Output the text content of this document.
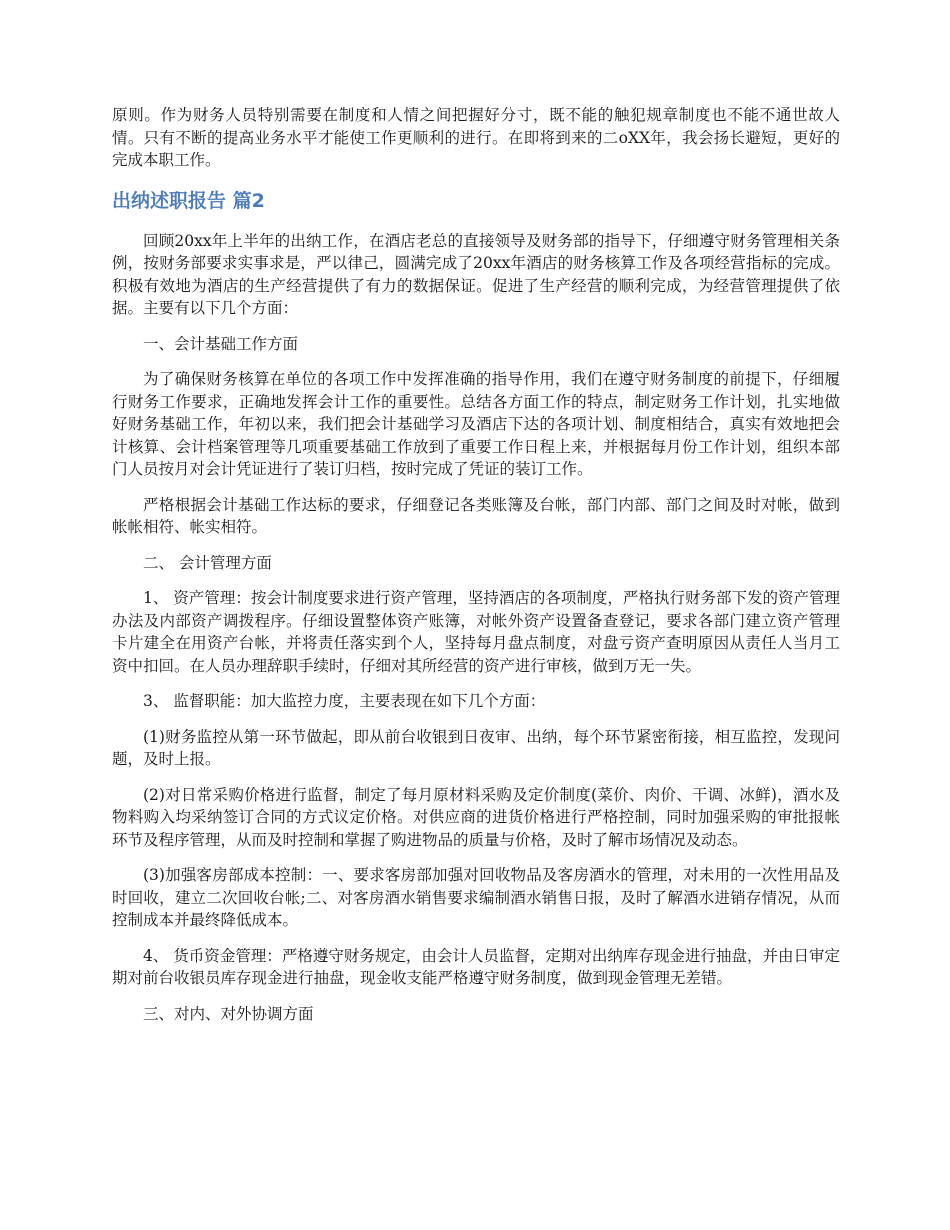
原则。作为财务人员特别需要在制度和人情之间把握好分寸，既不能的触犯规章制度也不能不通世故人情。只有不断的提高业务水平才能使工作更顺利的进行。在即将到来的二oXX年，我会扬长避短，更好的完成本职工作。

出纳述职报告 篇2

回顾20xx年上半年的出纳工作，在酒店老总的直接领导及财务部的指导下，仔细遵守财务管理相关条例，按财务部要求实事求是，严以律己，圆满完成了20xx年酒店的财务核算工作及各项经营指标的完成。积极有效地为酒店的生产经营提供了有力的数据保证。促进了生产经营的顺利完成，为经营管理提供了依据。主要有以下几个方面：

一、会计基础工作方面

为了确保财务核算在单位的各项工作中发挥准确的指导作用，我们在遵守财务制度的前提下，仔细履行财务工作要求，正确地发挥会计工作的重要性。总结各方面工作的特点，制定财务工作计划，扎实地做好财务基础工作，年初以来，我们把会计基础学习及酒店下达的各项计划、制度相结合，真实有效地把会计核算、会计档案管理等几项重要基础工作放到了重要工作日程上来，并根据每月份工作计划，组织本部门人员按月对会计凭证进行了装订归档，按时完成了凭证的装订工作。

严格根据会计基础工作达标的要求，仔细登记各类账簿及台帐，部门内部、部门之间及时对帐，做到帐帐相符、帐实相符。

二、 会计管理方面

1、 资产管理：按会计制度要求进行资产管理，坚持酒店的各项制度，严格执行财务部下发的资产管理办法及内部资产调拨程序。仔细设置整体资产账簿，对帐外资产设置备查登记，要求各部门建立资产管理卡片建全在用资产台帐，并将责任落实到个人，坚持每月盘点制度，对盘亏资产查明原因从责任人当月工资中扣回。在人员办理辞职手续时，仔细对其所经营的资产进行审核，做到万无一失。

3、 监督职能：加大监控力度，主要表现在如下几个方面：

(1)财务监控从第一环节做起，即从前台收银到日夜审、出纳，每个环节紧密衔接，相互监控，发现问题，及时上报。

(2)对日常采购价格进行监督，制定了每月原材料采购及定价制度(菜价、肉价、干调、冰鲜)，酒水及物料购入均采纳签订合同的方式议定价格。对供应商的进货价格进行严格控制，同时加强采购的审批报帐环节及程序管理，从而及时控制和掌握了购进物品的质量与价格，及时了解市场情况及动态。

(3)加强客房部成本控制：一、要求客房部加强对回收物品及客房酒水的管理，对未用的一次性用品及时回收，建立二次回收台帐;二、对客房酒水销售要求编制酒水销售日报，及时了解酒水进销存情况，从而控制成本并最终降低成本。

4、 货币资金管理：严格遵守财务规定，由会计人员监督，定期对出纳库存现金进行抽盘，并由日审定期对前台收银员库存现金进行抽盘，现金收支能严格遵守财务制度，做到现金管理无差错。

三、对内、对外协调方面
